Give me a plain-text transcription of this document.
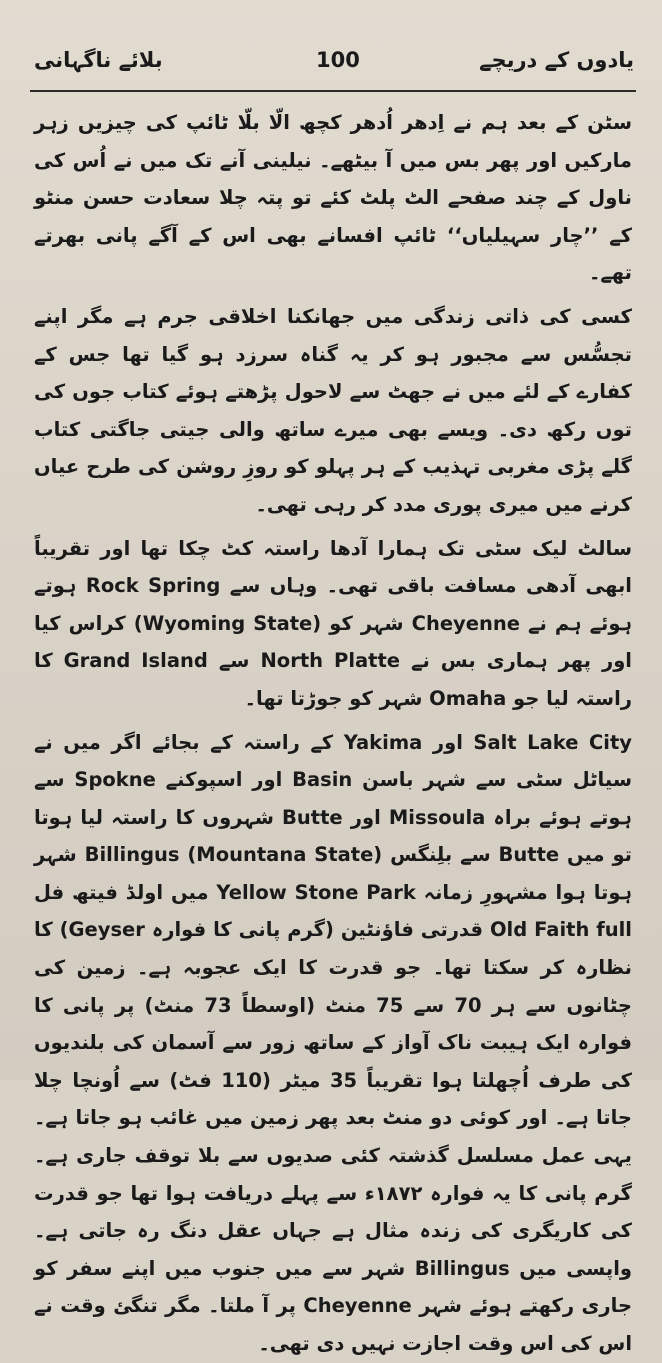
بلائے ناگہانی	100	یادوں کے دریچے

سٹن کے بعد ہم نے اِدھر اُدھر کچھ الّا بلّا ٹائپ کی چیزیں زہر مارکیں اور پھر بس میں آ بیٹھے۔ نیلینی آنے تک میں نے اُس کی ناول کے چند صفحے الٹ پلٹ کئے تو پتہ چلا سعادت حسن منٹو کے ’’چار سہیلیاں‘‘ ٹائپ افسانے بھی اس کے آگے پانی بھرتے تھے۔

کسی کی ذاتی زندگی میں جھانکنا اخلاقی جرم ہے مگر اپنے تجسُّس سے مجبور ہو کر یہ گناہ سرزد ہو گیا تھا جس کے کفارے کے لئے میں نے جھٹ سے لاحول پڑھتے ہوئے کتاب جوں کی توں رکھ دی۔ ویسے بھی میرے ساتھ والی جیتی جاگتی کتاب گلے پڑی مغربی تہذیب کے ہر پہلو کو روزِ روشن کی طرح عیاں کرنے میں میری پوری مدد کر رہی تھی۔

سالٹ لیک سٹی تک ہمارا آدھا راستہ کٹ چکا تھا اور تقریباً ابھی آدھی مسافت باقی تھی۔ وہاں سے Rock Spring ہوتے ہوئے ہم نے Cheyenne شہر کو (Wyoming State) کراس کیا اور پھر ہماری بس نے North Platte سے Grand Island کا راستہ لیا جو Omaha شہر کو جوڑتا تھا۔

Salt Lake City اور Yakima کے راستہ کے بجائے اگر میں نے سیاٹل سٹی سے شہر باسن Basin اور اسپوکنے Spokne سے ہوتے ہوئے براہ Missoula اور Butte شہروں کا راستہ لیا ہوتا تو میں Butte سے بلِنگس Billingus (Mountana State) شہر ہوتا ہوا مشہورِ زمانہ Yellow Stone Park میں اولڈ فیتھ فل Old Faith full قدرتی فاؤنٹین (گرم پانی کا فوارہ Geyser) کا نظارہ کر سکتا تھا۔ جو قدرت کا ایک عجوبہ ہے۔ زمین کی چٹانوں سے ہر 70 سے 75 منٹ (اوسطاً 73 منٹ) پر پانی کا فوارہ ایک ہیبت ناک آواز کے ساتھ زور سے آسمان کی بلندیوں کی طرف اُچھلتا ہوا تقریباً 35 میٹر (110 فٹ) سے اُونچا چلا جاتا ہے۔ اور کوئی دو منٹ بعد پھر زمین میں غائب ہو جاتا ہے۔ یہی عمل مسلسل گذشتہ کئی صدیوں سے بلا توقف جاری ہے۔ گرم پانی کا یہ فوارہ ۱۸۷۲ء سے پہلے دریافت ہوا تھا جو قدرت کی کاریگری کی زندہ مثال ہے جہاں عقل دنگ رہ جاتی ہے۔ واپسی میں Billingus شہر سے میں جنوب میں اپنے سفر کو جاری رکھتے ہوئے شہر Cheyenne پر آ ملتا۔ مگر تنگئ وقت نے اس کی اس وقت اجازت نہیں دی تھی۔
